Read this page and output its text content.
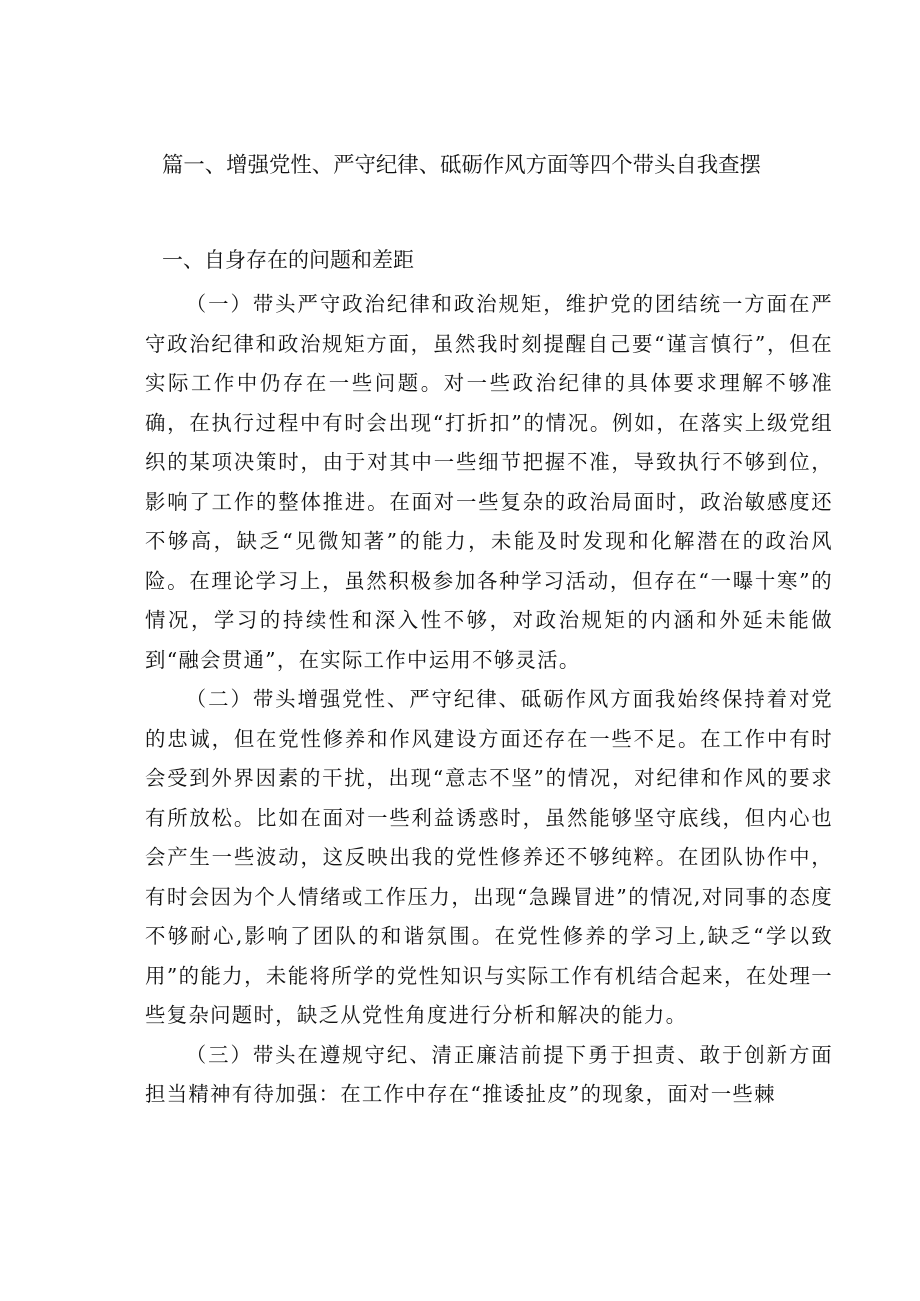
篇一、增强党性、严守纪律、砥砺作风方面等四个带头自我查摆
一、自身存在的问题和差距

（一）带头严守政治纪律和政治规矩，维护党的团结统一方面在严守政治纪律和政治规矩方面，虽然我时刻提醒自己要“谨言慎行”，但在实际工作中仍存在一些问题。对一些政治纪律的具体要求理解不够准确，在执行过程中有时会出现“打折扣”的情况。例如，在落实上级党组织的某项决策时，由于对其中一些细节把握不准，导致执行不够到位，影响了工作的整体推进。在面对一些复杂的政治局面时，政治敏感度还不够高，缺乏“见微知著”的能力，未能及时发现和化解潜在的政治风险。在理论学习上，虽然积极参加各种学习活动，但存在“一曝十寒”的情况，学习的持续性和深入性不够，对政治规矩的内涵和外延未能做到“融会贯通”，在实际工作中运用不够灵活。

（二）带头增强党性、严守纪律、砥砺作风方面我始终保持着对党的忠诚，但在党性修养和作风建设方面还存在一些不足。在工作中有时会受到外界因素的干扰，出现“意志不坚”的情况，对纪律和作风的要求有所放松。比如在面对一些利益诱惑时，虽然能够坚守底线，但内心也会产生一些波动，这反映出我的党性修养还不够纯粹。在团队协作中，有时会因为个人情绪或工作压力，出现“急躁冒进”的情况,对同事的态度不够耐心,影响了团队的和谐氛围。在党性修养的学习上,缺乏“学以致用”的能力，未能将所学的党性知识与实际工作有机结合起来，在处理一些复杂问题时，缺乏从党性角度进行分析和解决的能力。

（三）带头在遵规守纪、清正廉洁前提下勇于担责、敢于创新方面担当精神有待加强：在工作中存在“推诿扯皮”的现象，面对一些棘
